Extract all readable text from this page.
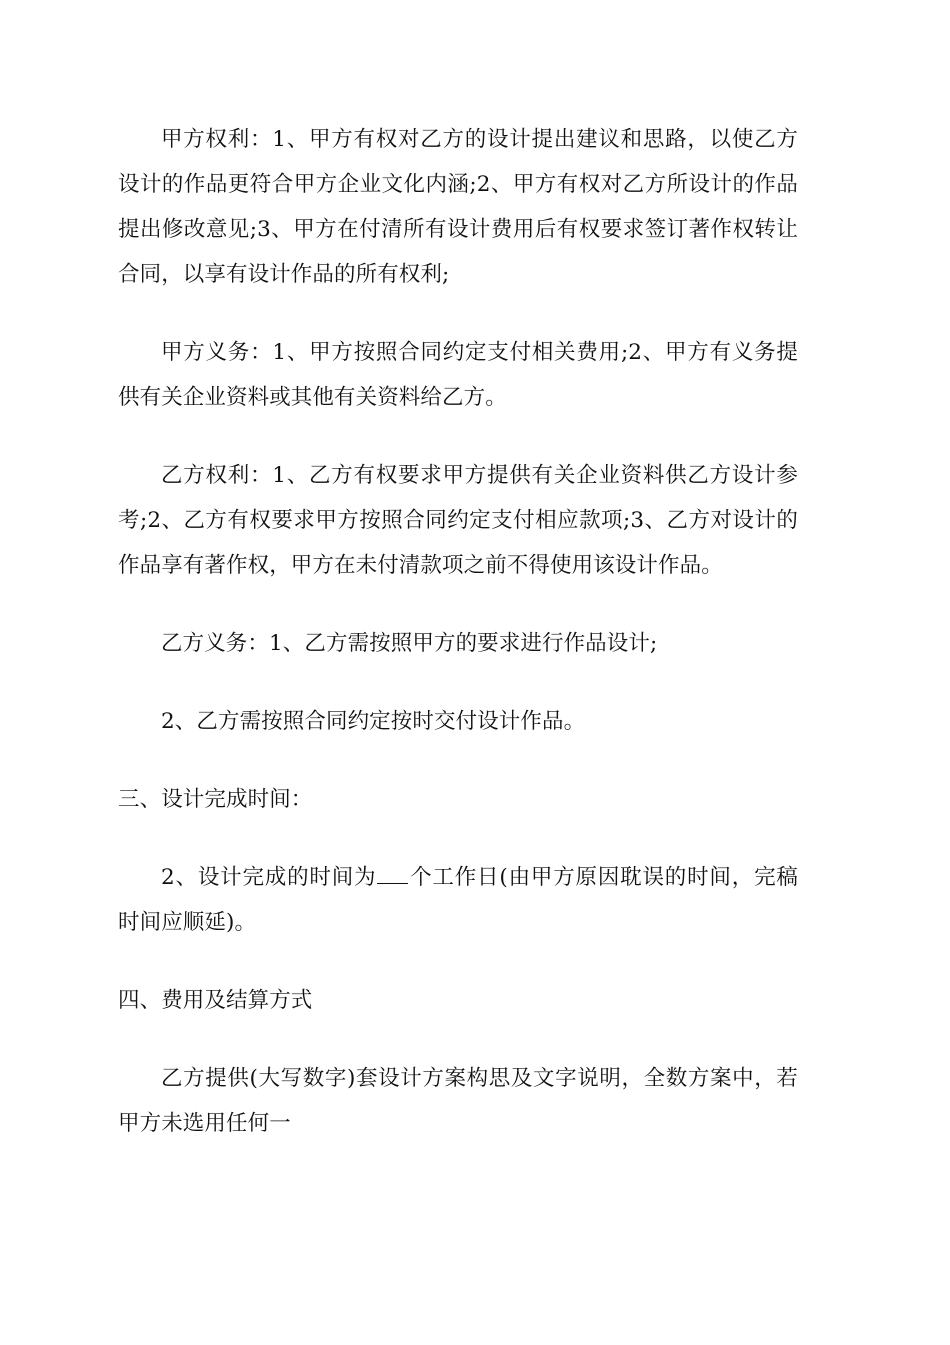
甲方权利：1、甲方有权对乙方的设计提出建议和思路，以使乙方设计的作品更符合甲方企业文化内涵;2、甲方有权对乙方所设计的作品提出修改意见;3、甲方在付清所有设计费用后有权要求签订著作权转让合同，以享有设计作品的所有权利;

甲方义务：1、甲方按照合同约定支付相关费用;2、甲方有义务提供有关企业资料或其他有关资料给乙方。

乙方权利：1、乙方有权要求甲方提供有关企业资料供乙方设计参考;2、乙方有权要求甲方按照合同约定支付相应款项;3、乙方对设计的作品享有著作权，甲方在未付清款项之前不得使用该设计作品。

乙方义务：1、乙方需按照甲方的要求进行作品设计;

2、乙方需按照合同约定按时交付设计作品。

三、设计完成时间：

2、设计完成的时间为 个工作日(由甲方原因耽误的时间，完稿时间应顺延)。

四、费用及结算方式

乙方提供(大写数字)套设计方案构思及文字说明，全数方案中，若甲方未选用任何一
